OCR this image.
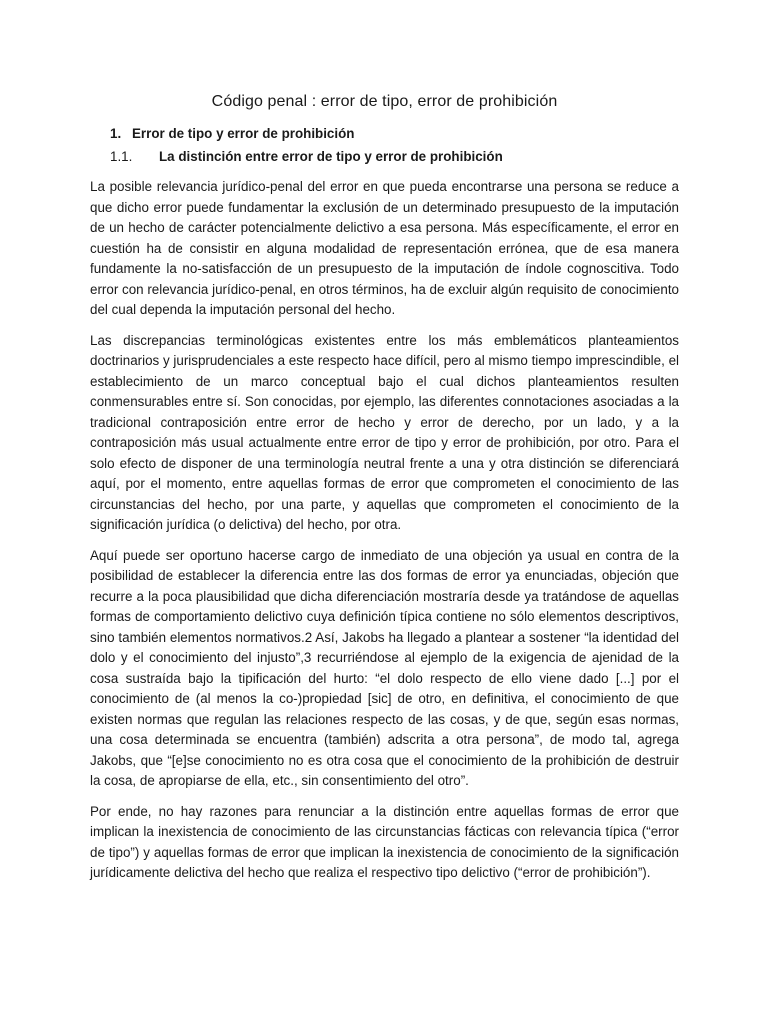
Código penal : error de tipo, error de prohibición
1. Error de tipo y error de prohibición
1.1. La distinción entre error de tipo y error de prohibición

La posible relevancia jurídico-penal del error en que pueda encontrarse una persona se reduce a que dicho error puede fundamentar la exclusión de un determinado presupuesto de la imputación de un hecho de carácter potencialmente delictivo a esa persona. Más específicamente, el error en cuestión ha de consistir en alguna modalidad de representación errónea, que de esa manera fundamente la no-satisfacción de un presupuesto de la imputación de índole cognoscitiva. Todo error con relevancia jurídico-penal, en otros términos, ha de excluir algún requisito de conocimiento del cual dependa la imputación personal del hecho.

Las discrepancias terminológicas existentes entre los más emblemáticos planteamientos doctrinarios y jurisprudenciales a este respecto hace difícil, pero al mismo tiempo imprescindible, el establecimiento de un marco conceptual bajo el cual dichos planteamientos resulten conmensurables entre sí. Son conocidas, por ejemplo, las diferentes connotaciones asociadas a la tradicional contraposición entre error de hecho y error de derecho, por un lado, y a la contraposición más usual actualmente entre error de tipo y error de prohibición, por otro. Para el solo efecto de disponer de una terminología neutral frente a una y otra distinción se diferenciará aquí, por el momento, entre aquellas formas de error que comprometen el conocimiento de las circunstancias del hecho, por una parte, y aquellas que comprometen el conocimiento de la significación jurídica (o delictiva) del hecho, por otra.

Aquí puede ser oportuno hacerse cargo de inmediato de una objeción ya usual en contra de la posibilidad de establecer la diferencia entre las dos formas de error ya enunciadas, objeción que recurre a la poca plausibilidad que dicha diferenciación mostraría desde ya tratándose de aquellas formas de comportamiento delictivo cuya definición típica contiene no sólo elementos descriptivos, sino también elementos normativos.2 Así, Jakobs ha llegado a plantear a sostener “la identidad del dolo y el conocimiento del injusto”,3 recurriéndose al ejemplo de la exigencia de ajenidad de la cosa sustraída bajo la tipificación del hurto: “el dolo respecto de ello viene dado [...] por el conocimiento de (al menos la co-)propiedad [sic] de otro, en definitiva, el conocimiento de que existen normas que regulan las relaciones respecto de las cosas, y de que, según esas normas, una cosa determinada se encuentra (también) adscrita a otra persona”, de modo tal, agrega Jakobs, que “[e]se conocimiento no es otra cosa que el conocimiento de la prohibición de destruir la cosa, de apropiarse de ella, etc., sin consentimiento del otro”.

Por ende, no hay razones para renunciar a la distinción entre aquellas formas de error que implican la inexistencia de conocimiento de las circunstancias fácticas con relevancia típica (“error de tipo”) y aquellas formas de error que implican la inexistencia de conocimiento de la significación jurídicamente delictiva del hecho que realiza el respectivo tipo delictivo (“error de prohibición”).
